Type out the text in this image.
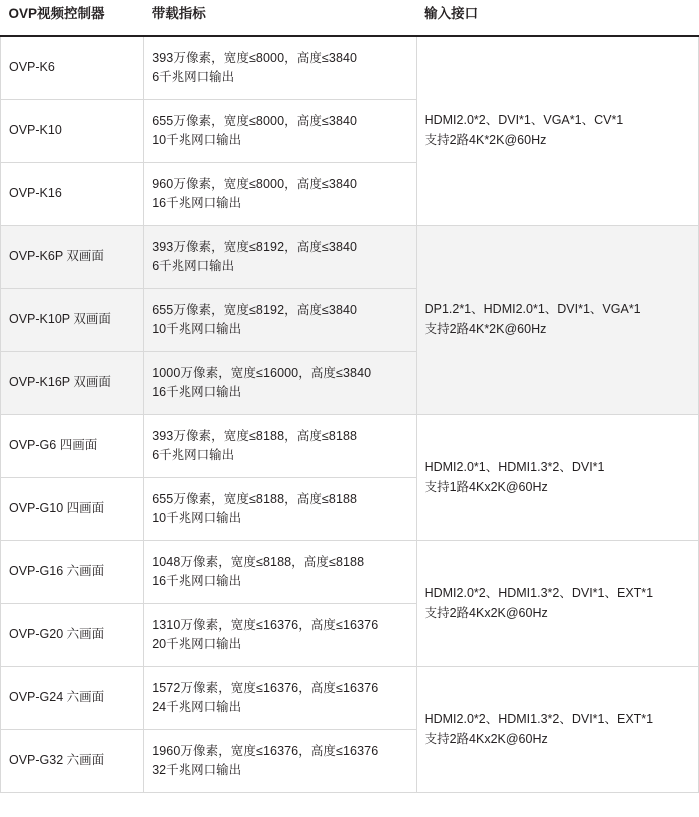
OVP视频控制器	带载指标	输入接口
OVP-K6	393万像素，宽度≤8000，高度≤3840
6千兆网口输出	HDMI2.0*2、DVI*1、VGA*1、CV*1
支持2路4K*2K@60Hz

OVP-K10	655万像素，宽度≤8000，高度≤3840
10千兆网口输出	

OVP-K16	960万像素，宽度≤8000，高度≤3840
16千兆网口输出	

OVP-K6P 双画面	393万像素，宽度≤8192，高度≤3840
6千兆网口输出	DP1.2*1、HDMI2.0*1、DVI*1、VGA*1
支持2路4K*2K@60Hz

OVP-K10P 双画面	655万像素，宽度≤8192，高度≤3840
10千兆网口输出	

OVP-K16P 双画面	1000万像素，宽度≤16000，高度≤3840
16千兆网口输出	

OVP-G6 四画面	393万像素，宽度≤8188，高度≤8188
6千兆网口输出	HDMI2.0*1、HDMI1.3*2、DVI*1
支持1路4Kx2K@60Hz

OVP-G10 四画面	655万像素，宽度≤8188，高度≤8188
10千兆网口输出	

OVP-G16 六画面	1048万像素，宽度≤8188，高度≤8188
16千兆网口输出	HDMI2.0*2、HDMI1.3*2、DVI*1、EXT*1
支持2路4Kx2K@60Hz

OVP-G20 六画面	1310万像素，宽度≤16376，高度≤16376
20千兆网口输出	

OVP-G24 六画面	1572万像素，宽度≤16376，高度≤16376
24千兆网口输出	HDMI2.0*2、HDMI1.3*2、DVI*1、EXT*1
支持2路4Kx2K@60Hz

OVP-G32 六画面	1960万像素，宽度≤16376，高度≤16376
32千兆网口输出	
